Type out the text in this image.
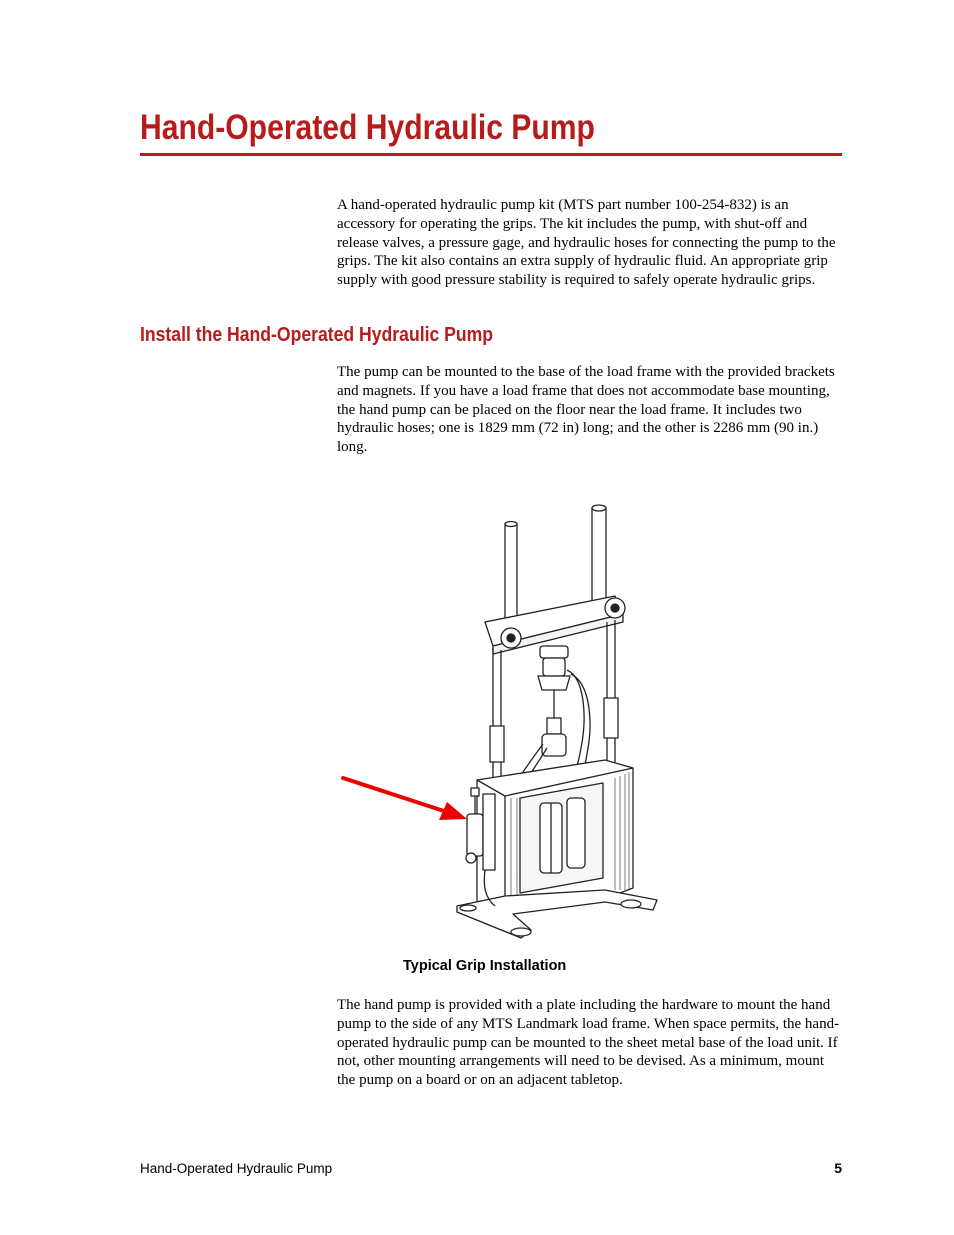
Hand-Operated Hydraulic Pump

A hand-operated hydraulic pump kit (MTS part number 100-254-832) is an accessory for operating the grips. The kit includes the pump, with shut-off and release valves, a pressure gage, and hydraulic hoses for connecting the pump to the grips. The kit also contains an extra supply of hydraulic fluid. An appropriate grip supply with good pressure stability is required to safely operate hydraulic grips.

Install the Hand-Operated Hydraulic Pump

The pump can be mounted to the base of the load frame with the provided brackets and magnets. If you have a load frame that does not accommodate base mounting, the hand pump can be placed on the floor near the load frame. It includes two hydraulic hoses; one is 1829 mm (72 in) long; and the other is 2286 mm (90 in.) long.

Typical Grip Installation

The hand pump is provided with a plate including the hardware to mount the hand pump to the side of any MTS Landmark load frame. When space permits, the hand-operated hydraulic pump can be mounted to the sheet metal base of the load unit. If not, other mounting arrangements will need to be devised. As a minimum, mount the pump on a board or on an adjacent tabletop.

Hand-Operated Hydraulic Pump	5
